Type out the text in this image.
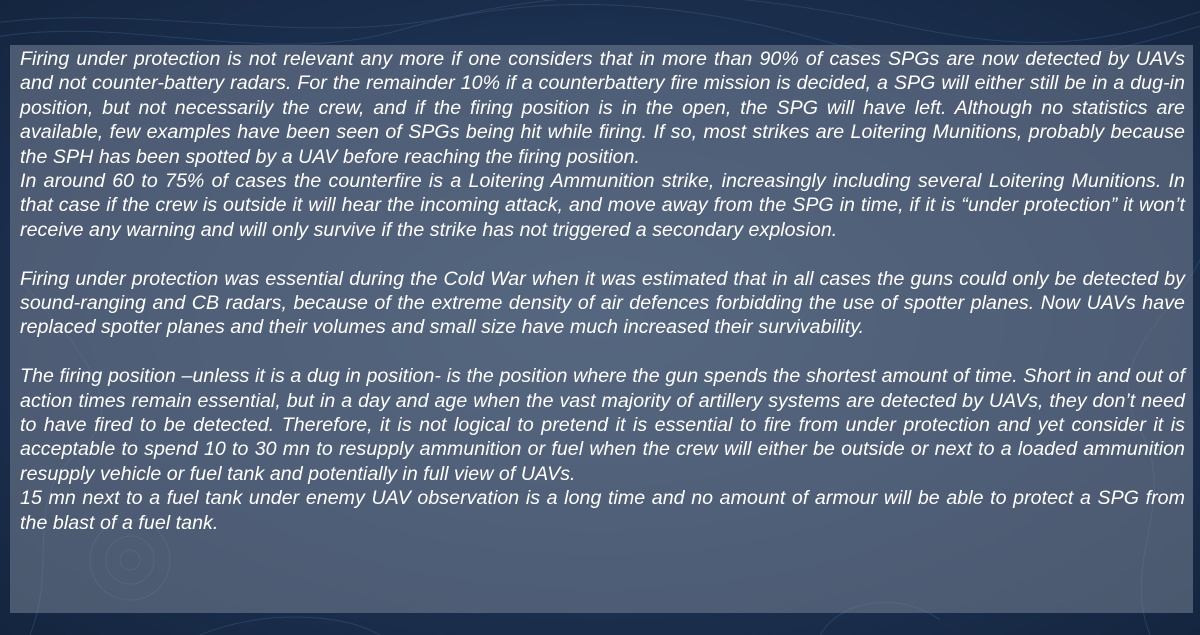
Firing under protection is not relevant any more if one considers that in more than 90% of cases SPGs are now detected by UAVs and not counter-battery radars. For the remainder 10% if a counterbattery fire mission is decided, a SPG will either still be in a dug-in position, but not necessarily the crew, and if the firing position is in the open, the SPG will have left. Although no statistics are available, few examples have been seen of SPGs being hit while firing. If so, most strikes are Loitering Munitions, probably because the SPH has been spotted by a UAV before reaching the firing position.

In around 60 to 75% of cases the counterfire is a Loitering Ammunition strike, increasingly including several Loitering Munitions. In that case if the crew is outside it will hear the incoming attack, and move away from the SPG in time, if it is “under protection” it won’t receive any warning and will only survive if the strike has not triggered a secondary explosion.

Firing under protection was essential during the Cold War when it was estimated that in all cases the guns could only be detected by sound-ranging and CB radars, because of the extreme density of air defences forbidding the use of spotter planes. Now UAVs have replaced spotter planes and their volumes and small size have much increased their survivability.

The firing position –unless it is a dug in position- is the position where the gun spends the shortest amount of time. Short in and out of action times remain essential, but in a day and age when the vast majority of artillery systems are detected by UAVs, they don’t need to have fired to be detected. Therefore, it is not logical to pretend it is essential to fire from under protection and yet consider it is acceptable to spend 10 to 30 mn to resupply ammunition or fuel when the crew will either be outside or next to a loaded ammunition resupply vehicle or fuel tank and potentially in full view of UAVs.

15 mn next to a fuel tank under enemy UAV observation is a long time and no amount of armour will be able to protect a SPG from the blast of a fuel tank.
